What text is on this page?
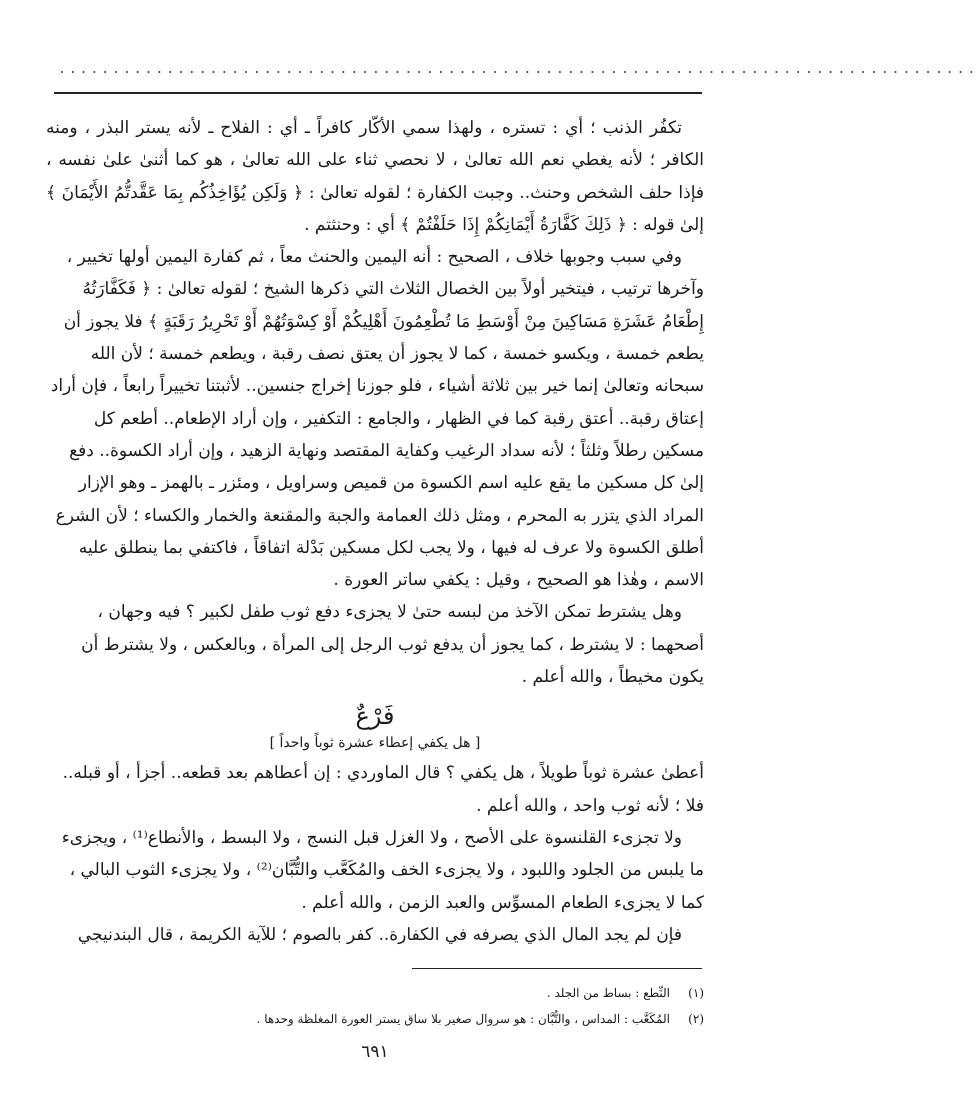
.....................................................................................

تكفُر الذنب ؛ أي : تستره ، ولهذا سمي الأكّار كافراً ـ أي : الفلاح ـ لأنه يستر البذر ، ومنه الكافر ؛ لأنه يغطي نعم الله تعالىٰ ، لا نحصي ثناء على الله تعالىٰ ، هو كما أثنىٰ علىٰ نفسه ، فإذا حلف الشخص وحنث.. وجبت الكفارة ؛ لقوله تعالىٰ : ﴿ وَلَكِن يُؤَاخِذُكُم بِمَا عَقَّدتُّمُ الأَيْمَانَ ﴾ إلىٰ قوله : ﴿ ذَلِكَ كَفَّارَةُ أَيْمَانِكُمْ إِذَا حَلَفْتُمْ ﴾ أي : وحنثتم .

وفي سبب وجوبها خلاف ، الصحيح : أنه اليمين والحنث معاً ، ثم كفارة اليمين أولها تخيير ، وآخرها ترتيب ، فيتخير أولاً بين الخصال الثلاث التي ذكرها الشيخ ؛ لقوله تعالىٰ : ﴿ فَكَفَّارَتُهُ إِطْعَامُ عَشَرَةِ مَسَاكِينَ مِنْ أَوْسَطِ مَا تُطْعِمُونَ أَهْلِيكُمْ أَوْ كِسْوَتُهُمْ أَوْ تَحْرِيرُ رَقَبَةٍ ﴾ فلا يجوز أن يطعم خمسة ، ويكسو خمسة ، كما لا يجوز أن يعتق نصف رقبة ، ويطعم خمسة ؛ لأن الله سبحانه وتعالىٰ إنما خير بين ثلاثة أشياء ، فلو جوزنا إخراج جنسين.. لأثبتنا تخييراً رابعاً ، فإن أراد إعتاق رقبة.. أعتق رقبة كما في الظهار ، والجامع : التكفير ، وإن أراد الإطعام.. أطعم كل مسكين رطلاً وثلثاً ؛ لأنه سداد الرغيب وكفاية المقتصد ونهاية الزهيد ، وإن أراد الكسوة.. دفع إلىٰ كل مسكين ما يقع عليه اسم الكسوة من قميص وسراويل ، ومئزر ـ بالهمز ـ وهو الإزار المراد الذي يتزر به المحرم ، ومثل ذلك العمامة والجبة والمقنعة والخمار والكساء ؛ لأن الشرع أطلق الكسوة ولا عرف له فيها ، ولا يجب لكل مسكين بَدْلة اتفاقاً ، فاكتفي بما ينطلق عليه الاسم ، وهٰذا هو الصحيح ، وقيل : يكفي ساتر العورة .

وهل يشترط تمكن الآخذ من لبسه حتىٰ لا يجزىء دفع ثوب طفل لكبير ؟ فيه وجهان ، أصحهما : لا يشترط ، كما يجوز أن يدفع ثوب الرجل إلى المرأة ، وبالعكس ، ولا يشترط أن يكون مخيطاً ، والله أعلم .

فَرْعٌ
[ هل يكفي إعطاء عشرة ثوباً واحداً ]

أعطىٰ عشرة ثوباً طويلاً ، هل يكفي ؟ قال الماوردي : إن أعطاهم بعد قطعه.. أجزأ ، أو قبله.. فلا ؛ لأنه ثوب واحد ، والله أعلم .

ولا تجزىء القلنسوة على الأصح ، ولا الغزل قبل النسج ، ولا البسط ، والأنطاع⁽¹⁾ ، ويجزىء ما يلبس من الجلود واللبود ، ولا يجزىء الخف والمُكَعَّب والتُّبَّان⁽²⁾ ، ولا يجزىء الثوب البالي ، كما لا يجزىء الطعام المسوِّس والعبد الزمن ، والله أعلم .

فإن لم يجد المال الذي يصرفه في الكفارة.. كفر بالصوم ؛ للآية الكريمة ، قال البندنيجي

(١)النِّطع : بساط من الجلد .
(٢)المُكَعَّب : المداس ، والتُّبَّان : هو سروال صغير بلا ساق يستر العورة المغلظة وحدها .
٦٩١
